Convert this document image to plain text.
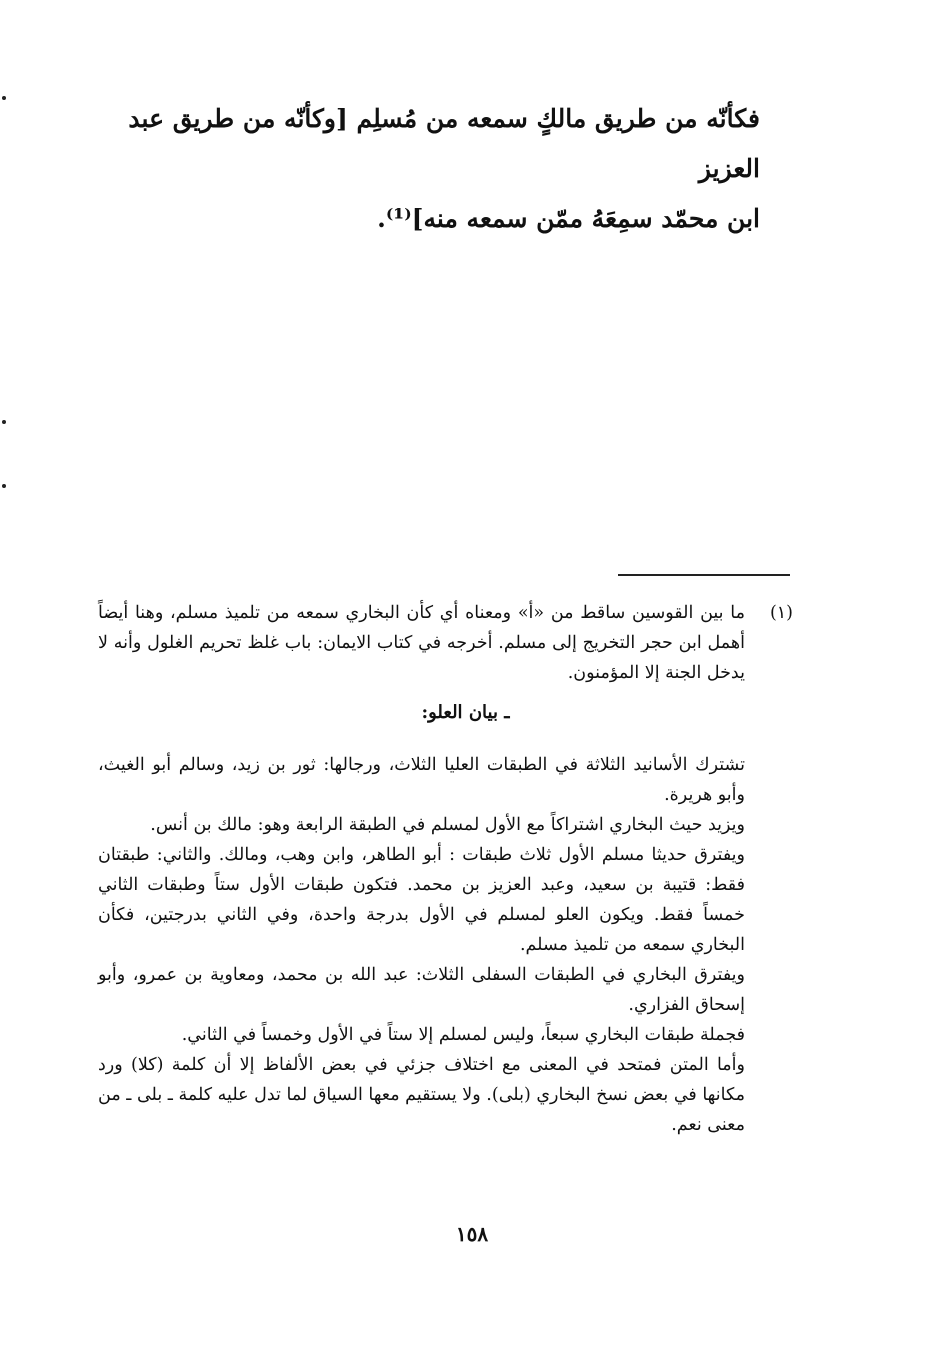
فكأنّه من طريق مالكٍ سمعه من مُسلِم [وكأنّه من طريق عبد العزيز

ابن محمّد سمِعَهُ ممّن سمعه منه]⁽¹⁾.

(١)
ما بين القوسين ساقط من «أ» ومعناه أي كأن البخاري سمعه من تلميذ مسلم، وهنا أيضاً أهمل ابن حجر التخريج إلى مسلم. أخرجه في كتاب الايمان: باب غلظ تحريم الغلول وأنه لا يدخل الجنة إلا المؤمنون.
ـ بيان العلو:

تشترك الأسانيد الثلاثة في الطبقات العليا الثلاث، ورجالها: ثور بن زيد، وسالم أبو الغيث، وأبو هريرة.

ويزيد حيث البخاري اشتراكاً مع الأول لمسلم في الطبقة الرابعة وهو: مالك بن أنس.

ويفترق حديثا مسلم الأول ثلاث طبقات : أبو الطاهر، وابن وهب، ومالك. والثاني: طبقتان فقط: قتيبة بن سعيد، وعبد العزيز بن محمد. فتكون طبقات الأول ستاً وطبقات الثاني خمساً فقط. ويكون العلو لمسلم في الأول بدرجة واحدة، وفي الثاني بدرجتين، فكأن البخاري سمعه من تلميذ مسلم.

ويفترق البخاري في الطبقات السفلى الثلاث: عبد الله بن محمد، ومعاوية بن عمرو، وأبو إسحاق الفزاري.

فجملة طبقات البخاري سبعاً، وليس لمسلم إلا ستاً في الأول وخمساً في الثاني.

وأما المتن فمتحد في المعنى مع اختلاف جزئي في بعض الألفاظ إلا أن كلمة (كلا) ورد مكانها في بعض نسخ البخاري (بلى). ولا يستقيم معها السياق لما تدل عليه كلمة ـ بلى ـ من معنى نعم.

١٥٨
